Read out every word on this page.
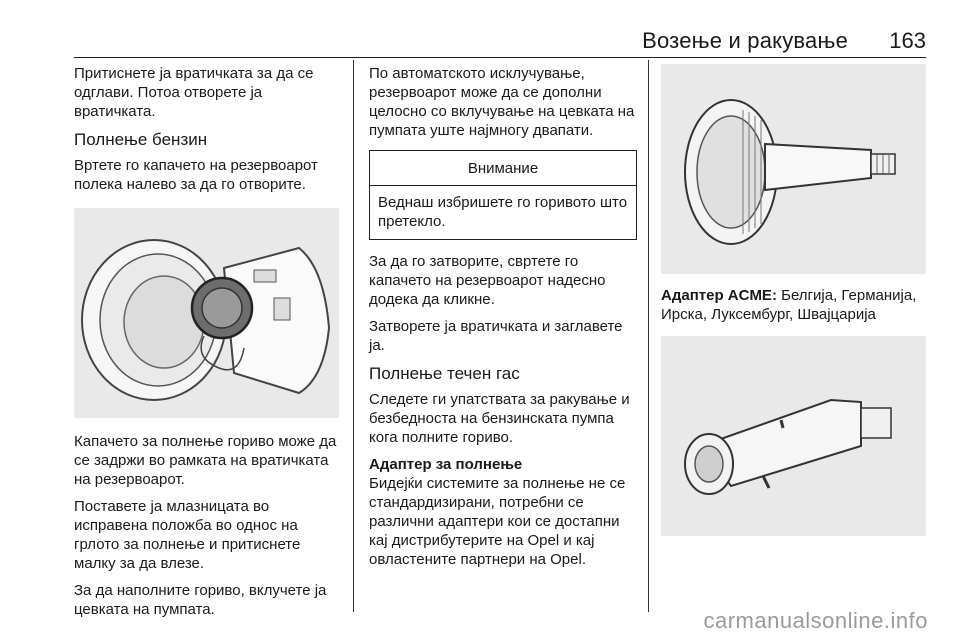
Возење и ракување 163

Притиснете ја вратичката за да се одглави. Потоа отворете ја вратичката.

Полнење бензин

Вртете го капачето на резервоарот полека налево за да го отворите.

Капачето за полнење гориво може да се задржи во рамката на вратичката на резервоарот.

Поставете ја млазницата во исправена положба во однос на грлото за полнење и притиснете малку за да влезе.

За да наполните гориво, вклучете ја цевката на пумпата.

По автоматското исклучување, резервоарот може да се дополни целосно со вклучување на цевката на пумпата уште најмногу двапати.

Внимание
Веднаш избришете го горивото што претекло.

За да го затворите, свртете го капачето на резервоарот надесно додека да кликне.

Затворете ја вратичката и заглавете ја.

Полнење течен гас

Следете ги упатствата за ракување и безбедноста на бензинската пумпа кога полните гориво.

Адаптер за полнење

Бидејќи системите за полнење не се стандардизирани, потребни се различни адаптери кои се достапни кај дистрибутерите на Opel и кај овластените партнери на Opel.

Адаптер ACME: Белгија, Германија, Ирска, Луксембург, Швајцарија

carmanualsonline.info
